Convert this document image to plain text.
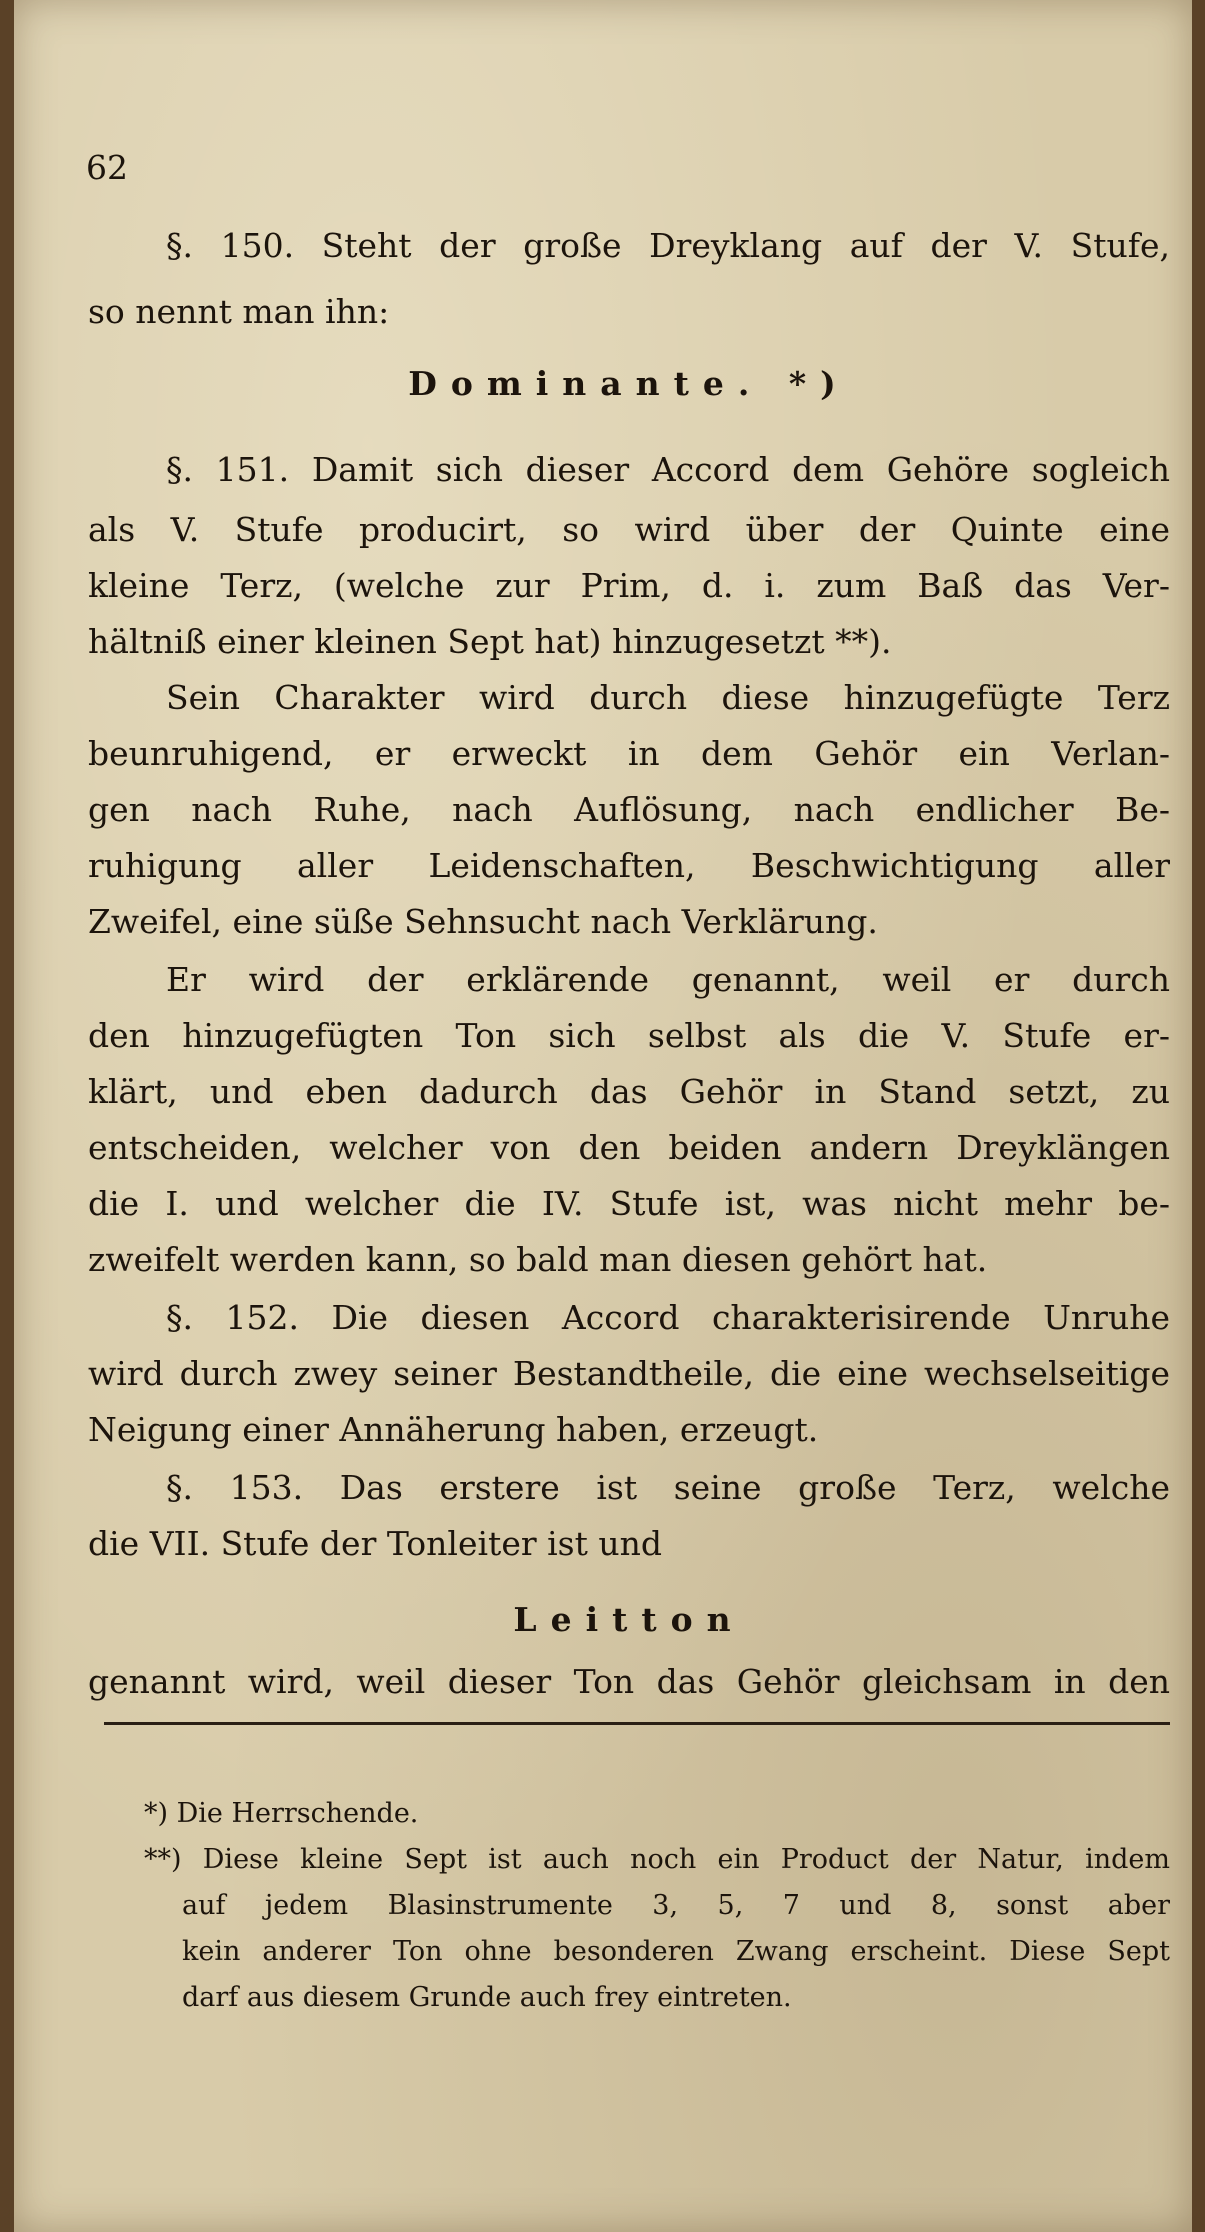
62
§. 150. Steht der große Dreyklang auf der V. Stufe,
so nennt man ihn:
Dominante. *)
§. 151. Damit sich dieser Accord dem Gehöre sogleich
als V. Stufe producirt, so wird über der Quinte eine
kleine Terz, (welche zur Prim, d. i. zum Baß das Ver-
hältniß einer kleinen Sept hat) hinzugesetzt **).
Sein Charakter wird durch diese hinzugefügte Terz
beunruhigend, er erweckt in dem Gehör ein Verlan-
gen nach Ruhe, nach Auflösung, nach endlicher Be-
ruhigung aller Leidenschaften, Beschwichtigung aller
Zweifel, eine süße Sehnsucht nach Verklärung.
Er wird der erklärende genannt, weil er durch
den hinzugefügten Ton sich selbst als die V. Stufe er-
klärt, und eben dadurch das Gehör in Stand setzt, zu
entscheiden, welcher von den beiden andern Dreyklängen
die I. und welcher die IV. Stufe ist, was nicht mehr be-
zweifelt werden kann, so bald man diesen gehört hat.
§. 152. Die diesen Accord charakterisirende Unruhe
wird durch zwey seiner Bestandtheile, die eine wechselseitige
Neigung einer Annäherung haben, erzeugt.
§. 153. Das erstere ist seine große Terz, welche
die VII. Stufe der Tonleiter ist und
Leitton
genannt wird, weil dieser Ton das Gehör gleichsam in den
*) Die Herrschende.
**) Diese kleine Sept ist auch noch ein Product der Natur, indem
auf jedem Blasinstrumente 3, 5, 7 und 8, sonst aber
kein anderer Ton ohne besonderen Zwang erscheint. Diese Sept
darf aus diesem Grunde auch frey eintreten.
